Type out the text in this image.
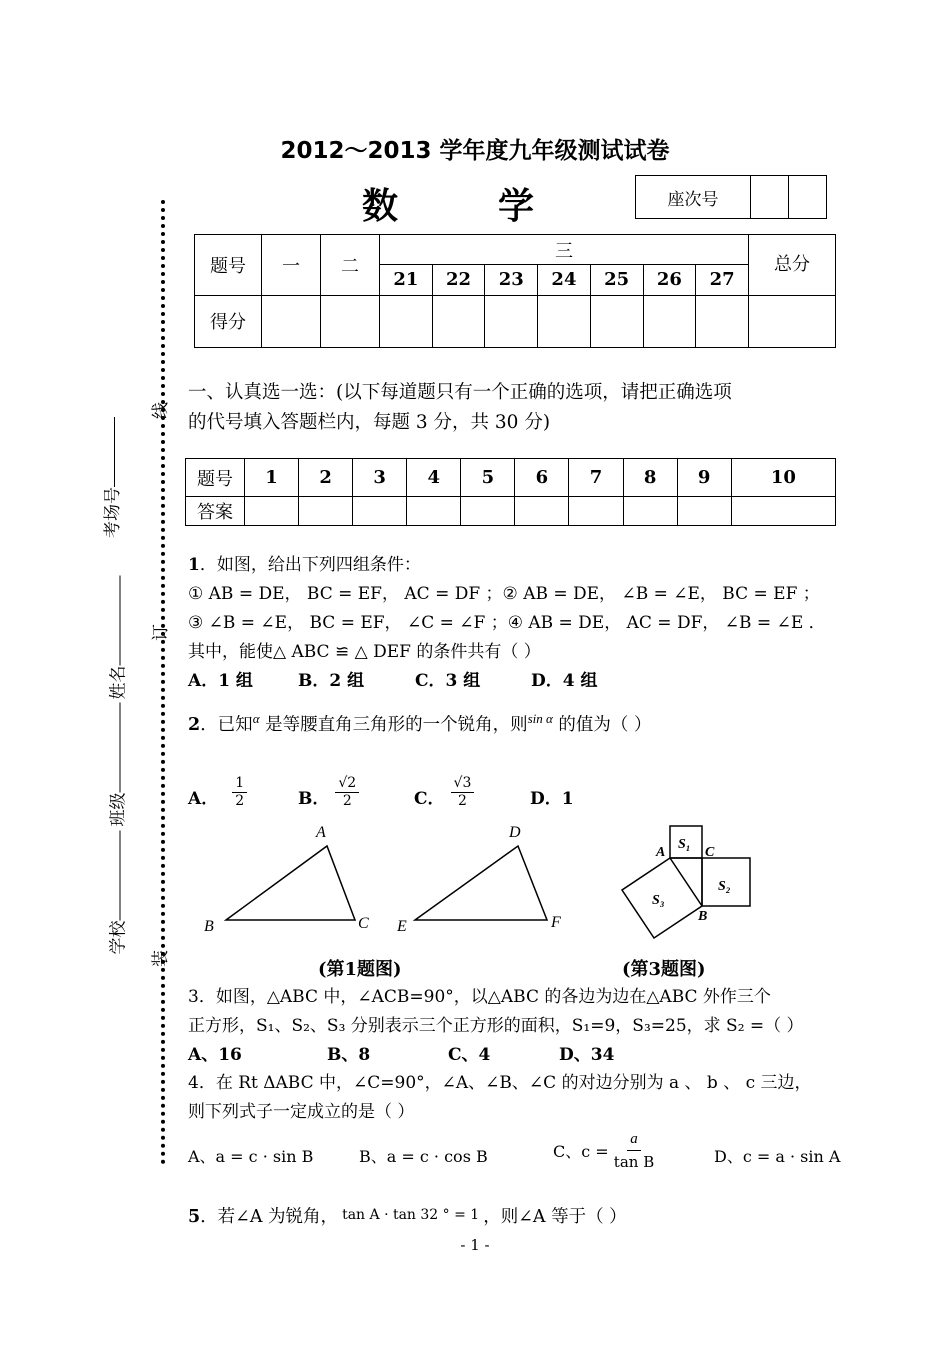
2012～2013 学年度九年级测试试卷
数	学	座次号		
题号	一	二	三							总分
			21	22	23	24	25	26	27	
得分										
线
订
装
考场号
姓名
班级
学校
一、认真选一选：(以下每道题只有一个正确的选项，请把正确选项
的代号填入答题栏内，每题 3 分，共 30 分)
题号	1	2	3	4	5	6	7	8	9	10
答案										
1．如图，给出下列四组条件：
① AB = DE， BC = EF， AC = DF ；② AB = DE， ∠B = ∠E， BC = EF ；
③ ∠B = ∠E， BC = EF， ∠C = ∠F ；④ AB = DE， AC = DF， ∠B = ∠E ．
其中，能使△ ABC ≌ △ DEF 的条件共有（ ）
A．1 组	B．2 组	C．3 组	D．4 组
2．已知$^\alpha$ 是等腰直角三角形的一个锐角，则$^{sin \alpha}$ 的值为（ ）
A． $\frac{1}{2}$	B． $\frac{√2}{2}$	C． $\frac{√3}{2}$	D．1
A
B	C
D
E	F
S₁
S₂
S₃
A
B
C
(第1题图)	(第3题图)
3．如图，△ABC 中，∠ACB=90°，以△ABC 的各边为边在△ABC 外作三个
正方形，S₁、S₂、S₃ 分别表示三个正方形的面积，S₁=9，S₃=25，求 S₂ =（ ）
A、16	B、8	C、4	D、34
4．在 Rt ΔABC 中，∠C=90°，∠A、∠B、∠C 的对边分别为 a 、 b 、 c 三边，
则下列式子一定成立的是（ ）
A、a = c · sin B	B、a = c · cos B	C、$c = \frac{a}{\text{tan B}}$	D、c = a · sin A
5．若∠A 为锐角， tan A · tan 32 ° = 1 ，则∠A 等于（ ）
- 1 -
